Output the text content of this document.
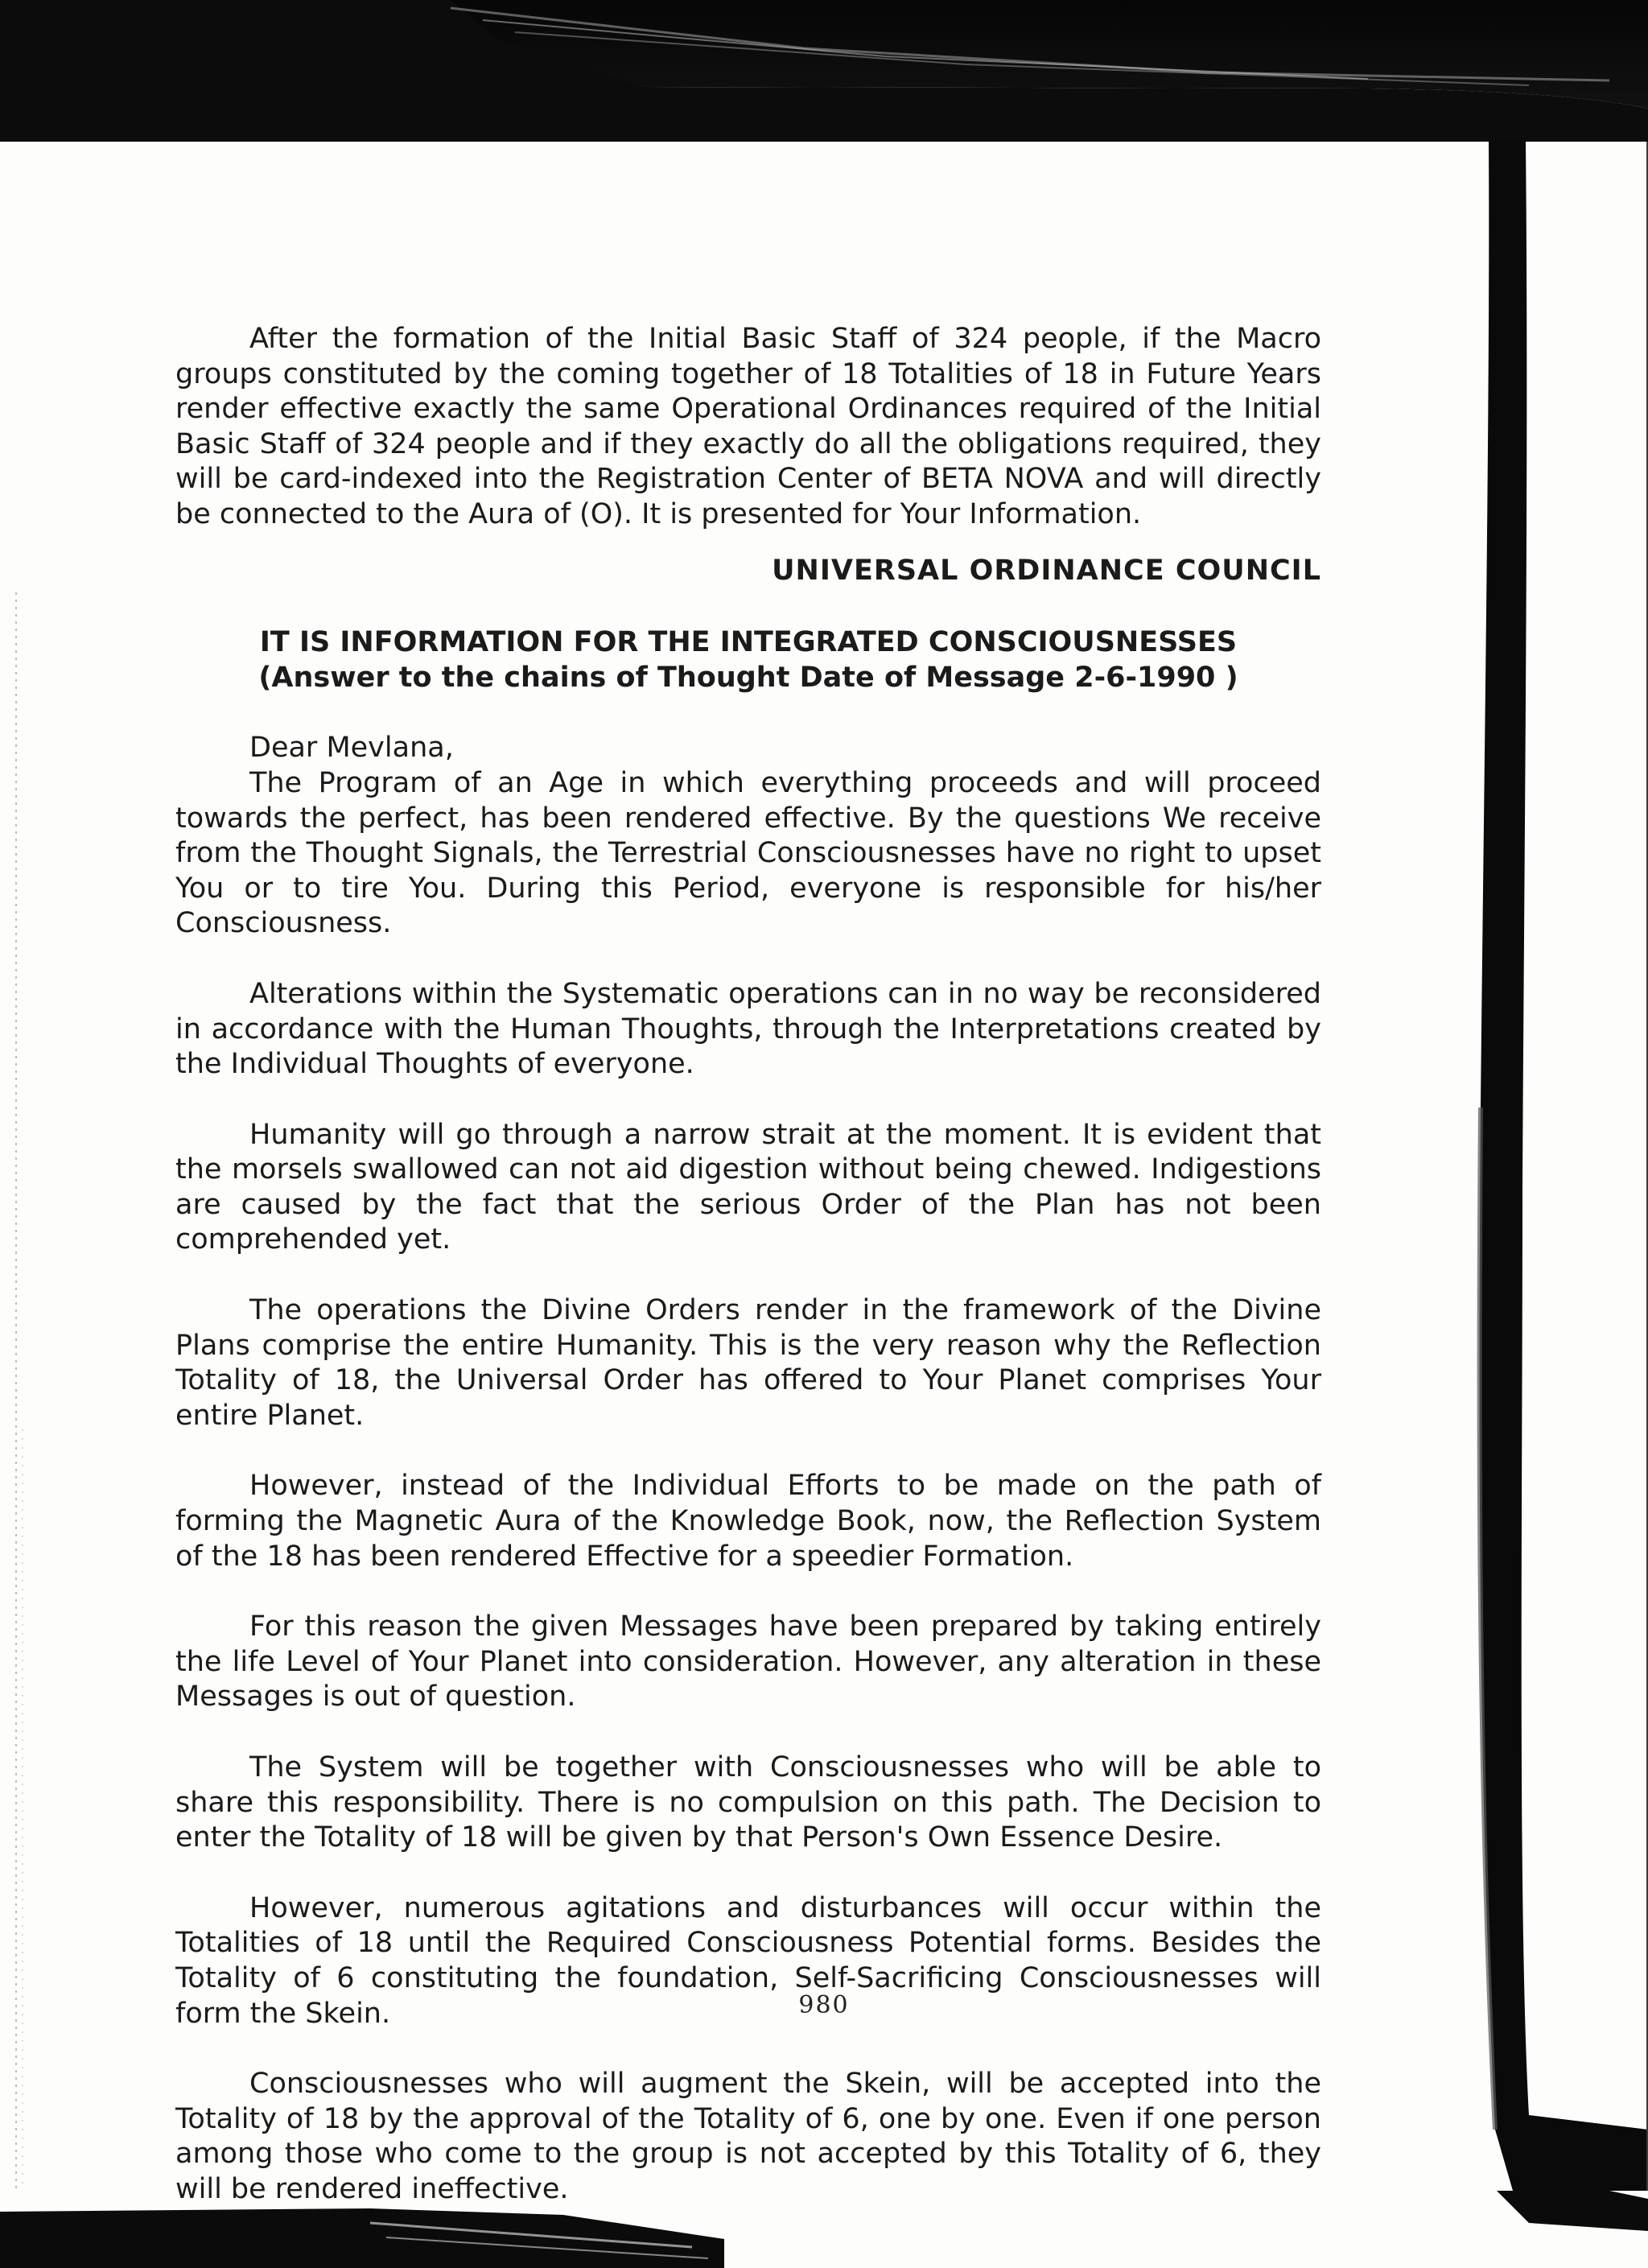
After the formation of the Initial Basic Staff of 324 people, if the Macro groups constituted by the coming together of 18 Totalities of 18 in Future Years render effective exactly the same Operational Ordinances required of the Initial Basic Staff of 324 people and if they exactly do all the obligations required, they will be card-indexed into the Registration Center of BETA NOVA and will directly be connected to the Aura of (O). It is presented for Your Information.

UNIVERSAL ORDINANCE COUNCIL

IT IS INFORMATION FOR THE INTEGRATED CONSCIOUSNESSES

(Answer to the chains of Thought Date of Message 2-6-1990 )

Dear Mevlana,

The Program of an Age in which everything proceeds and will proceed towards the perfect, has been rendered effective. By the questions We receive from the Thought Signals, the Terrestrial Consciousnesses have no right to upset You or to tire You. During this Period, everyone is responsible for his/her Consciousness.

Alterations within the Systematic operations can in no way be reconsidered in accordance with the Human Thoughts, through the Interpretations created by the Individual Thoughts of everyone.

Humanity will go through a narrow strait at the moment. It is evident that the morsels swallowed can not aid digestion without being chewed. Indigestions are caused by the fact that the serious Order of the Plan has not been comprehended yet.

The operations the Divine Orders render in the framework of the Divine Plans comprise the entire Humanity. This is the very reason why the Reflection Totality of 18, the Universal Order has offered to Your Planet comprises Your entire Planet.

However, instead of the Individual Efforts to be made on the path of forming the Magnetic Aura of the Knowledge Book, now, the Reflection System of the 18 has been rendered Effective for a speedier Formation.

For this reason the given Messages have been prepared by taking entirely the life Level of Your Planet into consideration. However, any alteration in these Messages is out of question.

The System will be together with Consciousnesses who will be able to share this responsibility. There is no compulsion on this path. The Decision to enter the Totality of 18 will be given by that Person's Own Essence Desire.

However, numerous agitations and disturbances will occur within the Totalities of 18 until the Required Consciousness Potential forms. Besides the Totality of 6 constituting the foundation, Self-Sacrificing Consciousnesses will form the Skein.

Consciousnesses who will augment the Skein, will be accepted into the Totality of 18 by the approval of the Totality of 6, one by one. Even if one person among those who come to the group is not accepted by this Totality of 6, they will be rendered ineffective.

980
